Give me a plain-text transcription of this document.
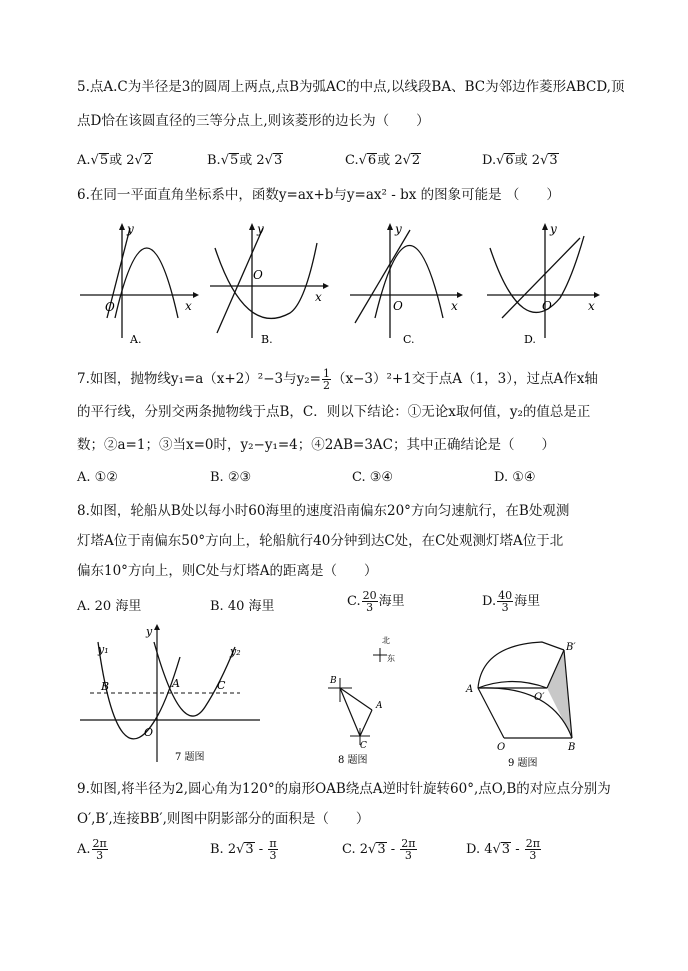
5.点A.C为半径是3的圆周上两点,点B为弧AC的中点,以线段BA、BC为邻边作菱形ABCD,顶
点D恰在该圆直径的三等分点上,则该菱形的边长为（　　）
A.√5或 2√2	B.√5或 2√3	C.√6或 2√2	D.√6或 2√3
6.在同一平面直角坐标系中，函数y=ax+b与y=ax² - bx 的图象可能是 （　　）
y
x
O
A.
y
x
O
B.
y
x
O
C.
y
x
O
D.
7.如图，抛物线y₁=a（x+2）²−3与$y_2= \frac{1}{2} (x-3)^2+1$交于点A（1，3），过点A作x轴
的平行线，分别交两条抛物线于点B，C．则以下结论：①无论x取何值，y₂的值总是正
数；②a=1；③当x=0时，y₂−y₁=4；④2AB=3AC；其中正确结论是（　　）
A. ①②	B. ②③	C. ③④	D. ①④
8.如图，轮船从B处以每小时60海里的速度沿南偏东20°方向匀速航行，在B处观测
灯塔A位于南偏东50°方向上，轮船航行40分钟到达C处，在C处观测灯塔A位于北
偏东10°方向上，则C处与灯塔A的距离是（　　）
A. 20 海里	B. 40 海里	C. $\frac{20}{3}$ 海里	D. $\frac{40}{3}$ 海里
y₁	y₂
y
B	A	C
O
7 题图
北
东
B
A
C
8 题图
A
O	B
B′
O′
9 题图
9.如图,将半径为2,圆心角为120°的扇形OAB绕点A逆时针旋转60°,点O,B的对应点分别为
O′,B′,连接BB′,则图中阴影部分的面积是（　　）
A. $\frac{2\pi}{3}$	B. $2√3 - \frac{\pi}{3}$	C. $2√3 - \frac{2\pi}{3}$	D. $4√3 - \frac{2\pi}{3}$
